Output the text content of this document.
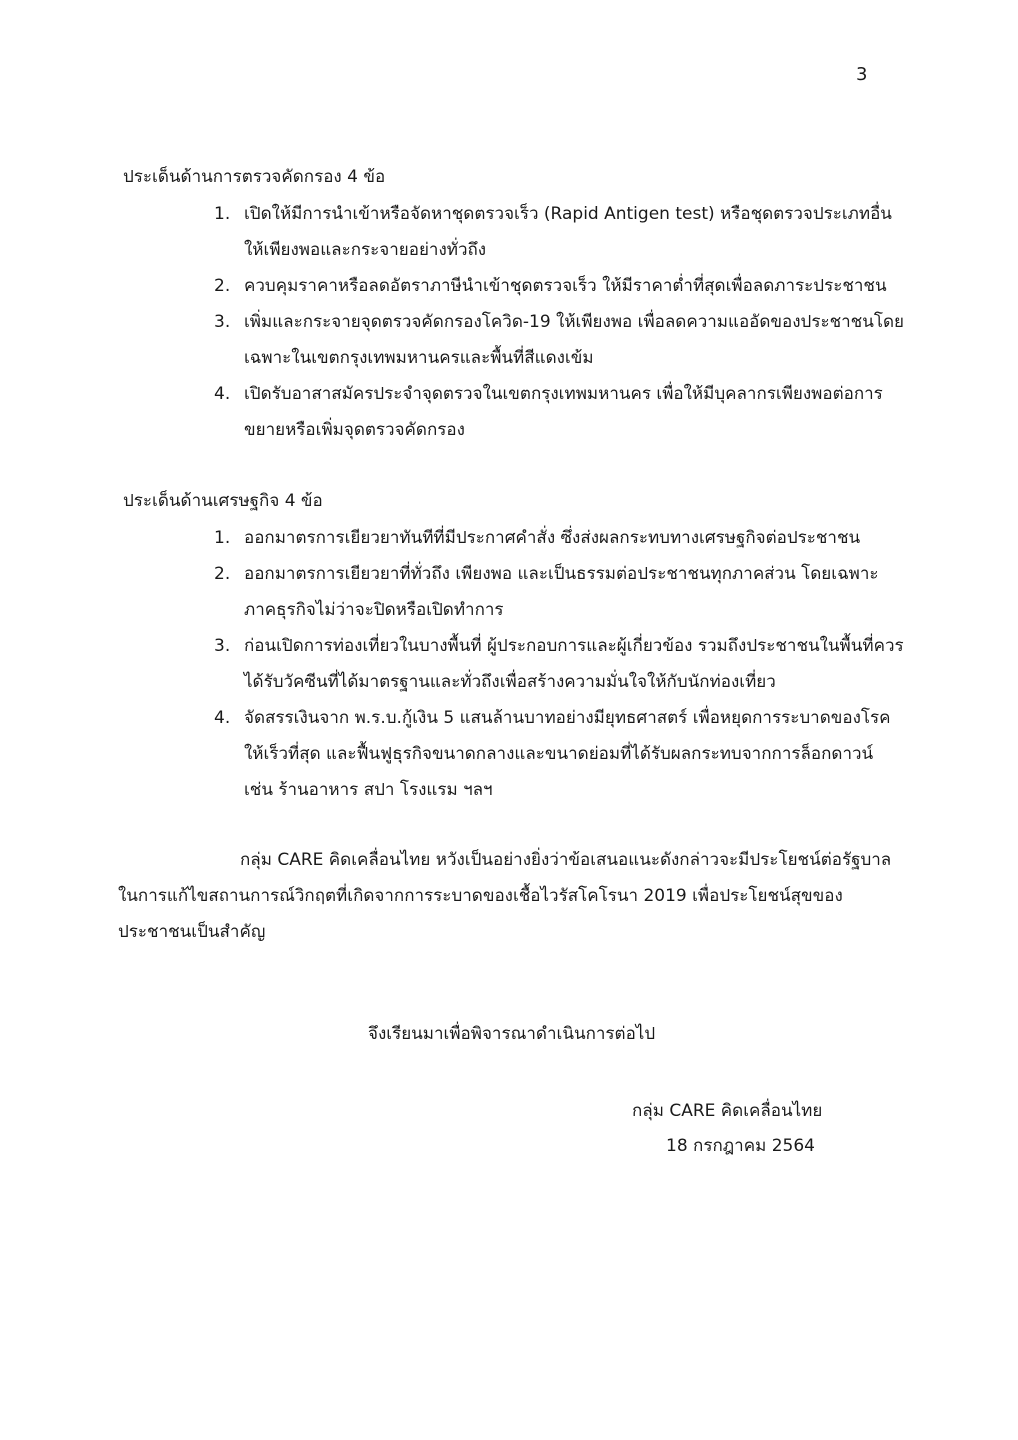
3
ประเด็นด้านการตรวจคัดกรอง 4 ข้อ
1. เปิดให้มีการนำเข้าหรือจัดหาชุดตรวจเร็ว (Rapid Antigen test) หรือชุดตรวจประเภทอื่นให้เพียงพอและกระจายอย่างทั่วถึง
2. ควบคุมราคาหรือลดอัตราภาษีนำเข้าชุดตรวจเร็ว ให้มีราคาต่ำที่สุดเพื่อลดภาระประชาชน
3. เพิ่มและกระจายจุดตรวจคัดกรองโควิด-19 ให้เพียงพอ เพื่อลดความแออัดของประชาชนโดยเฉพาะในเขตกรุงเทพมหานครและพื้นที่สีแดงเข้ม
4. เปิดรับอาสาสมัครประจำจุดตรวจในเขตกรุงเทพมหานคร เพื่อให้มีบุคลากรเพียงพอต่อการขยายหรือเพิ่มจุดตรวจคัดกรอง
ประเด็นด้านเศรษฐกิจ 4 ข้อ
1. ออกมาตรการเยียวยาทันทีที่มีประกาศคำสั่ง ซึ่งส่งผลกระทบทางเศรษฐกิจต่อประชาชน
2. ออกมาตรการเยียวยาที่ทั่วถึง เพียงพอ และเป็นธรรมต่อประชาชนทุกภาคส่วน โดยเฉพาะภาคธุรกิจไม่ว่าจะปิดหรือเปิดทำการ
3. ก่อนเปิดการท่องเที่ยวในบางพื้นที่ ผู้ประกอบการและผู้เกี่ยวข้อง รวมถึงประชาชนในพื้นที่ควรได้รับวัคซีนที่ได้มาตรฐานและทั่วถึงเพื่อสร้างความมั่นใจให้กับนักท่องเที่ยว
4. จัดสรรเงินจาก พ.ร.บ.กู้เงิน 5 แสนล้านบาทอย่างมียุทธศาสตร์ เพื่อหยุดการระบาดของโรคให้เร็วที่สุด และฟื้นฟูธุรกิจขนาดกลางและขนาดย่อมที่ได้รับผลกระทบจากการล็อกดาวน์ เช่น ร้านอาหาร สปา โรงแรม ฯลฯ
กลุ่ม CARE คิดเคลื่อนไทย หวังเป็นอย่างยิ่งว่าข้อเสนอแนะดังกล่าวจะมีประโยชน์ต่อรัฐบาลในการแก้ไขสถานการณ์วิกฤตที่เกิดจากการระบาดของเชื้อไวรัสโคโรนา 2019 เพื่อประโยชน์สุขของประชาชนเป็นสำคัญ
จึงเรียนมาเพื่อพิจารณาดำเนินการต่อไป
กลุ่ม CARE คิดเคลื่อนไทย
18 กรกฎาคม 2564
